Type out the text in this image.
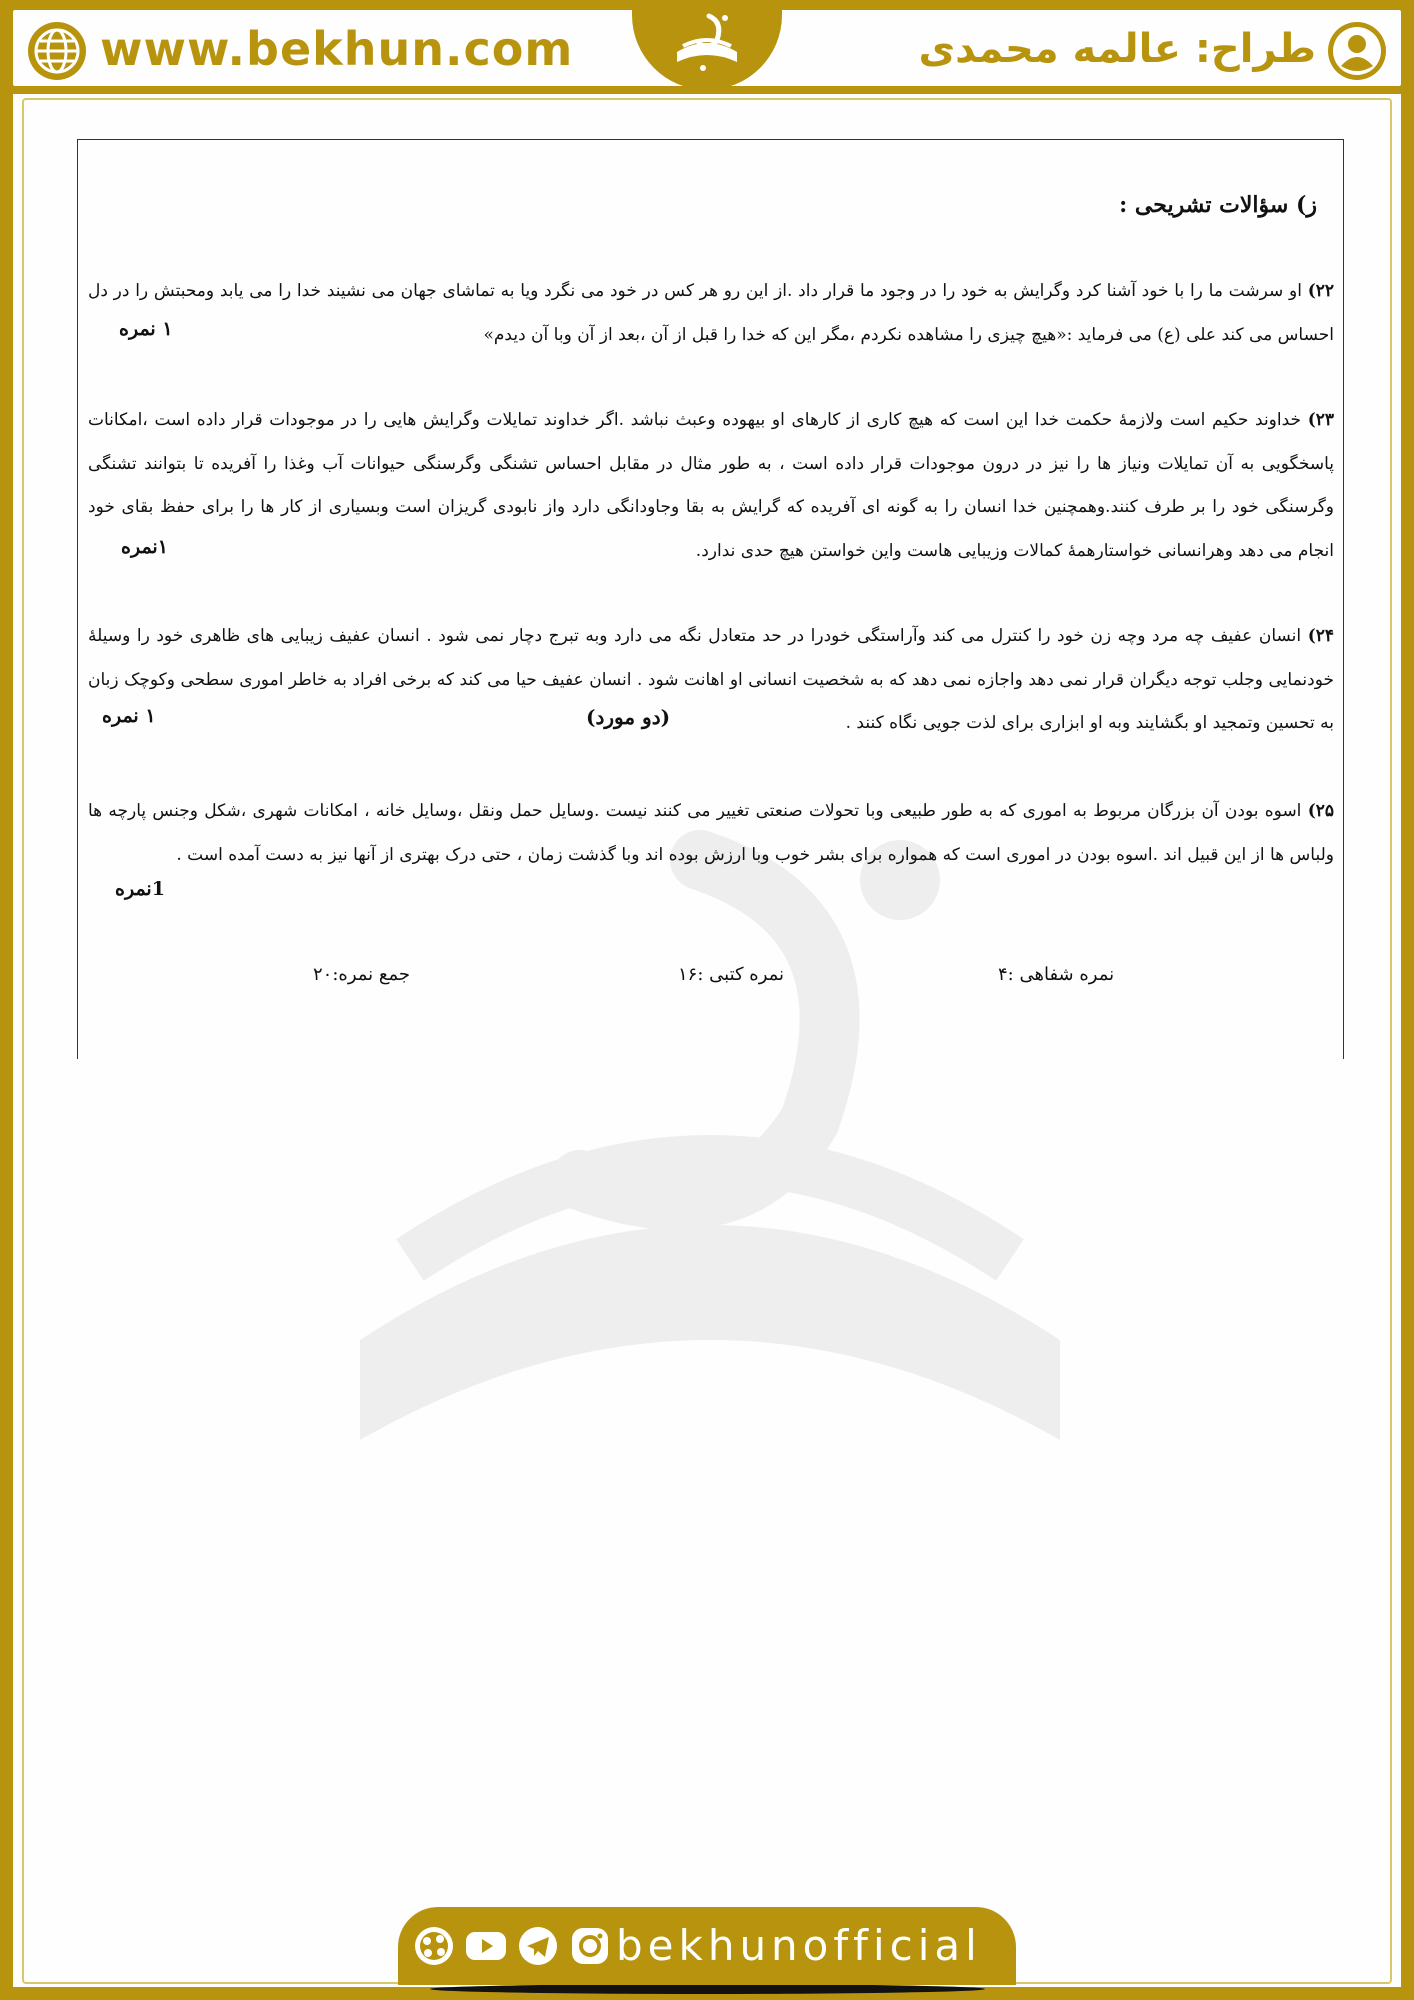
www.bekhun.com	طراح: عالمه محمدی
ز) سؤالات تشریحی :
۲۲) او سرشت ما را با خود آشنا کرد وگرایش به خود را در وجود ما قرار داد .از این رو هر کس در خود می نگرد ویا به تماشای جهان می نشیند خدا را می یابد ومحبتش را در دل احساس می کند علی (ع) می فرماید :«هیچ چیزی را مشاهده نکردم ،مگر این که خدا را قبل از آن ،بعد از آن وبا آن دیدم»
۱ نمره
۲۳) خداوند حکیم است ولازمهٔ حکمت خدا این است که هیچ کاری از کارهای او بیهوده وعبث نباشد .اگر خداوند تمایلات وگرایش هایی را در موجودات قرار داده است ،امکانات پاسخگویی به آن تمایلات ونیاز ها را نیز در درون موجودات قرار داده است ، به طور مثال در مقابل احساس تشنگی وگرسنگی حیوانات آب وغذا را آفریده تا بتوانند تشنگی وگرسنگی خود را بر طرف کنند.وهمچنین خدا انسان را به گونه ای آفریده که گرایش به بقا وجاودانگی دارد واز نابودی گریزان است وبسیاری از کار ها را برای حفظ بقای خود انجام می دهد وهرانسانی خواستارهمهٔ کمالات وزیبایی هاست واین خواستن هیچ حدی ندارد.
۱نمره
۲۴) انسان عفیف چه مرد وچه زن خود را کنترل می کند وآراستگی خودرا در حد متعادل نگه می دارد وبه تبرج دچار نمی شود . انسان عفیف زیبایی های ظاهری خود را وسیلهٔ خودنمایی وجلب توجه دیگران قرار نمی دهد واجازه نمی دهد که به شخصیت انسانی او اهانت شود . انسان عفیف حیا می کند که برخی افراد به خاطر اموری سطحی وکوچک زبان به تحسین وتمجید او بگشایند وبه او ابزاری برای لذت جویی نگاه کنند .
(دو مورد)
۱ نمره
۲۵) اسوه بودن آن بزرگان مربوط به اموری که به طور طبیعی وبا تحولات صنعتی تغییر می کنند نیست .وسایل حمل ونقل ،وسایل خانه ، امکانات شهری ،شکل وجنس پارچه ها ولباس ها از این قبیل اند .اسوه بودن در اموری است که همواره برای بشر خوب وبا ارزش بوده اند وبا گذشت زمان ، حتی درک بهتری از آنها نیز به دست آمده است .
1نمره
نمره شفاهی :۴
نمره کتبی :۱۶
جمع نمره:۲۰
bekhunofficial
